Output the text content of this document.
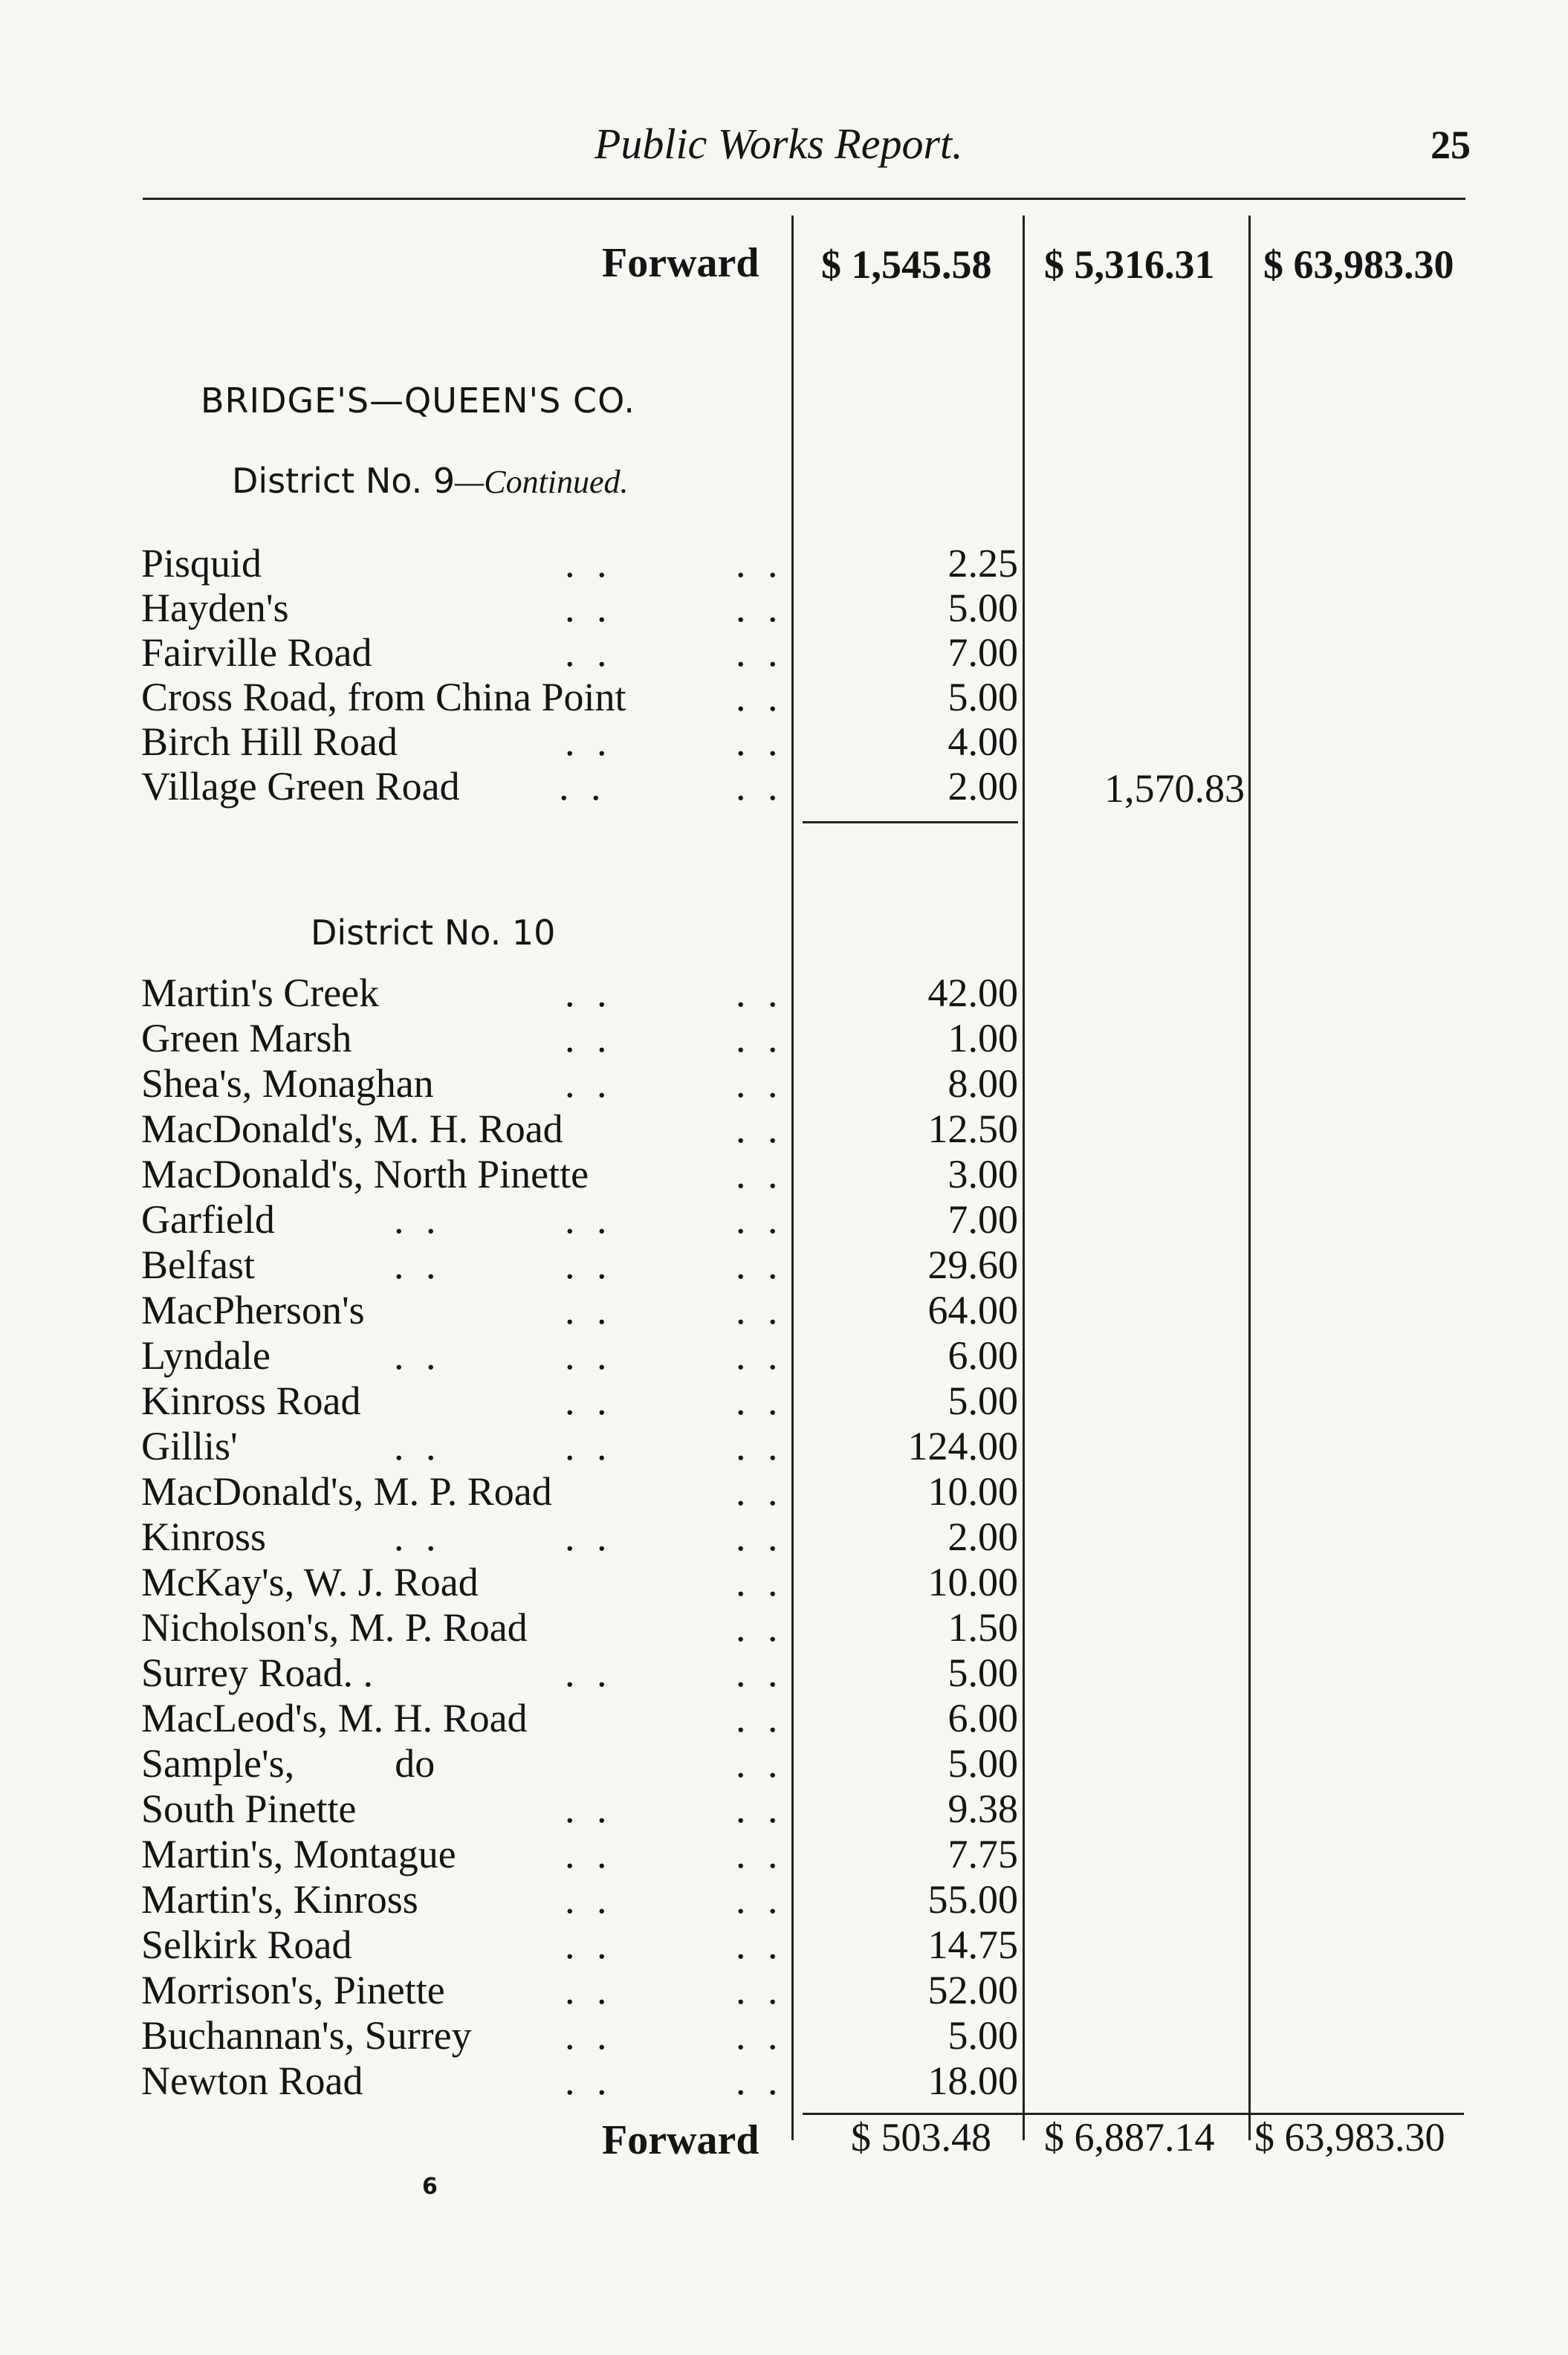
Public Works Report.	25
Forward $ 1,545.58 $ 5,316.31 $ 63,983.30
BRIDGE'S—QUEEN'S CO.
District No. 9—Continued.
Pisquid	2.25
Hayden's	5.00
Fairville Road	7.00
Cross Road, from China Point	5.00
Birch Hill Road	4.00
Village Green Road	2.00	1,570.83
District No. 10
Martin's Creek	42.00
Green Marsh	1.00
Shea's, Monaghan	8.00
MacDonald's, M. H. Road	12.50
MacDonald's, North Pinette	3.00
Garfield	7.00
Belfast	29.60
MacPherson's	64.00
Lyndale	6.00
Kinross Road	5.00
Gillis'	124.00
MacDonald's, M. P. Road	10.00
Kinross	2.00
McKay's, W. J. Road	10.00
Nicholson's, M. P. Road	1.50
Surrey Road. .	5.00
MacLeod's, M. H. Road	6.00
Sample's,          do	5.00
South Pinette	9.38
Martin's, Montague	7.75
Martin's, Kinross	55.00
Selkirk Road	14.75
Morrison's, Pinette	52.00
Buchannan's, Surrey	5.00
Newton Road	18.00
. .	. .
. .	. .
. .	. .
. .
. .	. .
. .	. .
. .	. .
. .	. .
. .	. .
. .
. .
. .	. .	. .
. .	. .	. .
. .	. .
. .	. .	. .
. .	. .
. .	. .	. .
. .
. .	. .	. .
. .
. .
. .	. .
. .
. .
. .	. .
. .	. .
. .	. .
. .	. .
. .	. .
. .	. .
. .	. .
Forward $ 503.48 $ 6,887.14 $ 63,983.30
6
